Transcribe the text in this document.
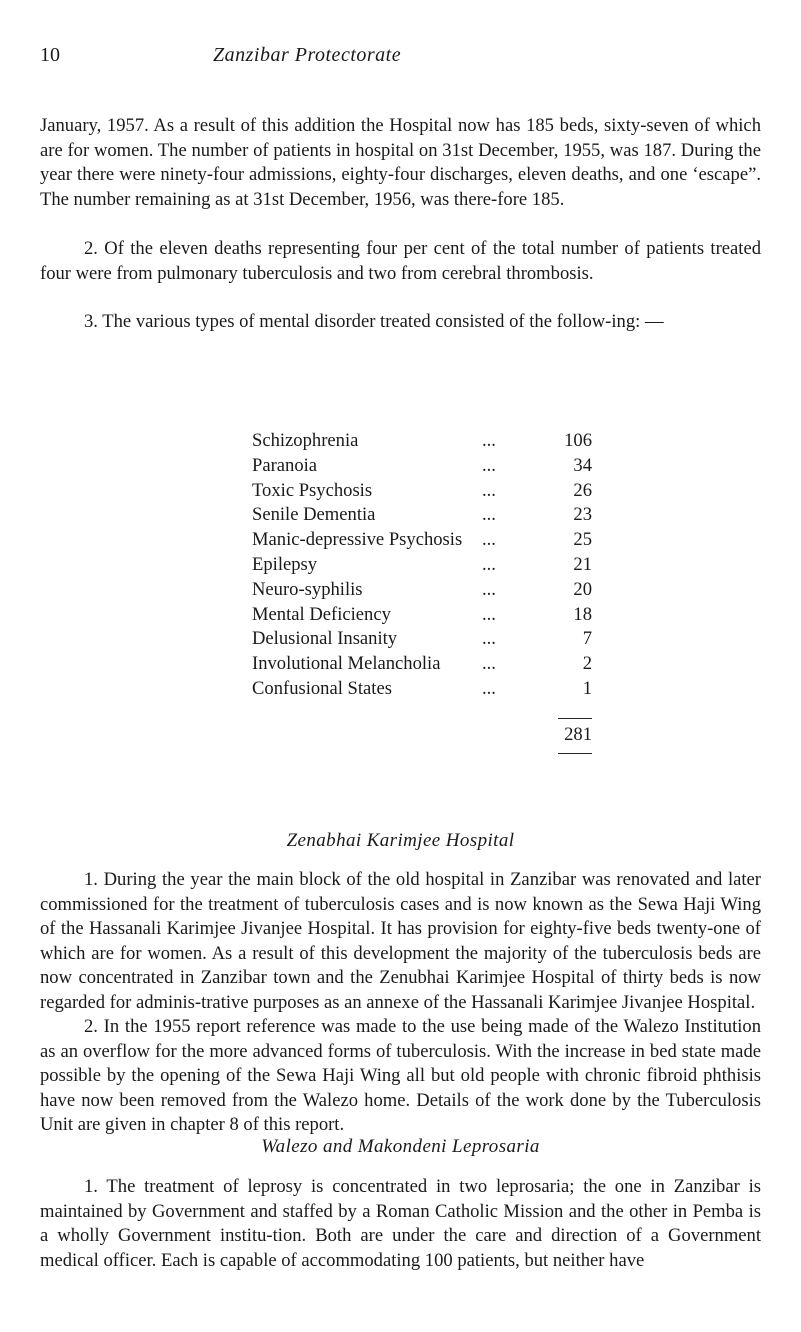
10	Zanzibar Protectorate

January, 1957. As a result of this addition the Hospital now has 185 beds, sixty-seven of which are for women. The number of patients in hospital on 31st December, 1955, was 187. During the year there were ninety-four admissions, eighty-four discharges, eleven deaths, and one ‘escape”. The number remaining as at 31st December, 1956, was there-fore 185.

2. Of the eleven deaths representing four per cent of the total number of patients treated four were from pulmonary tuberculosis and two from cerebral thrombosis.

3. The various types of mental disorder treated consisted of the follow-ing: —

Schizophrenia	...	106
Paranoia	...	34
Toxic Psychosis	...	26
Senile Dementia	...	23
Manic-depressive Psychosis ...	25
Epilepsy	...	21
Neuro-syphilis	...	20
Mental Deficiency	...	18
Delusional Insanity	...	7
Involutional Melancholia ...	2
Confusional States	...	1
281
Zenabhai Karimjee Hospital

1. During the year the main block of the old hospital in Zanzibar was renovated and later commissioned for the treatment of tuberculosis cases and is now known as the Sewa Haji Wing of the Hassanali Karimjee Jivanjee Hospital. It has provision for eighty-five beds twenty-one of which are for women. As a result of this development the majority of the tuberculosis beds are now concentrated in Zanzibar town and the Zenubhai Karimjee Hospital of thirty beds is now regarded for adminis-trative purposes as an annexe of the Hassanali Karimjee Jivanjee Hospital.

2. In the 1955 report reference was made to the use being made of the Walezo Institution as an overflow for the more advanced forms of tuberculosis. With the increase in bed state made possible by the opening of the Sewa Haji Wing all but old people with chronic fibroid phthisis have now been removed from the Walezo home. Details of the work done by the Tuberculosis Unit are given in chapter 8 of this report.

Walezo and Makondeni Leprosaria

1. The treatment of leprosy is concentrated in two leprosaria; the one in Zanzibar is maintained by Government and staffed by a Roman Catholic Mission and the other in Pemba is a wholly Government institu-tion. Both are under the care and direction of a Government medical officer. Each is capable of accommodating 100 patients, but neither have
